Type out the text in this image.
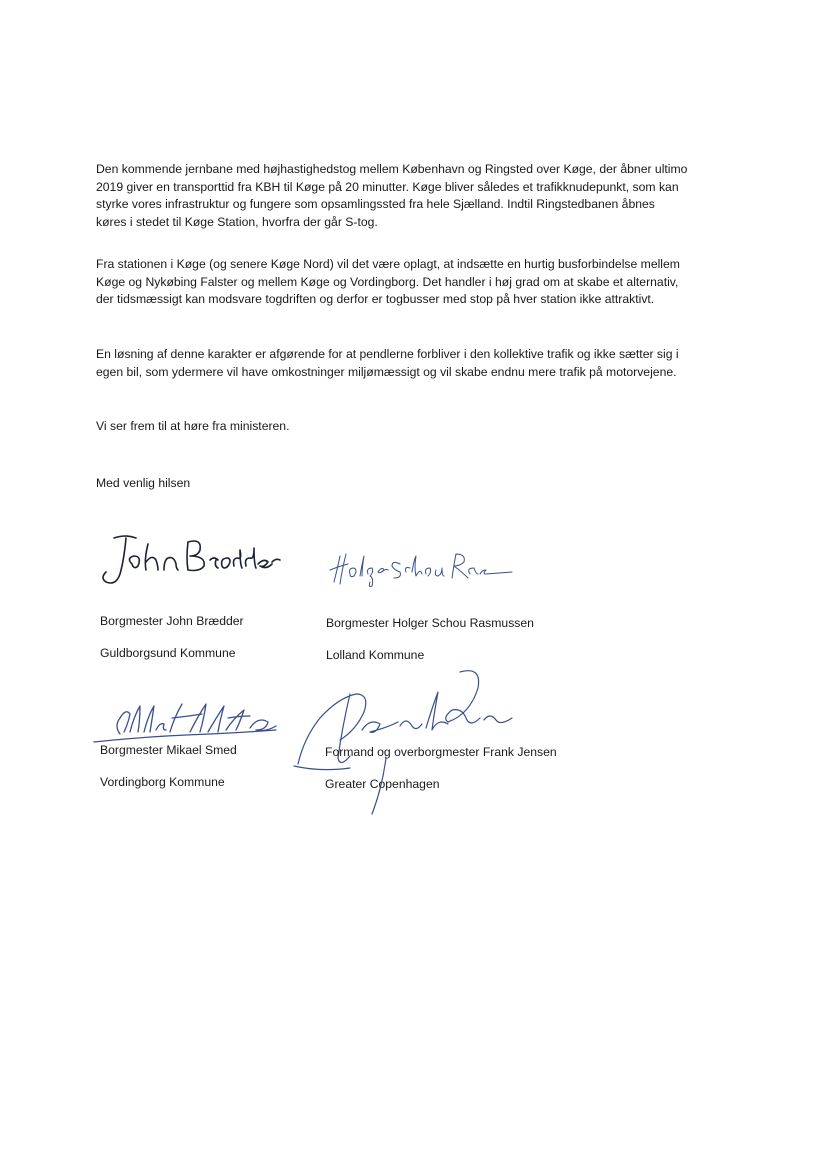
Den kommende jernbane med højhastighedstog mellem København og Ringsted over Køge, der åbner ultimo
2019 giver en transporttid fra KBH til Køge på 20 minutter. Køge bliver således et trafikknudepunkt, som kan
styrke vores infrastruktur og fungere som opsamlingssted fra hele Sjælland. Indtil Ringstedbanen åbnes
køres i stedet til Køge Station, hvorfra der går S-tog.

Fra stationen i Køge (og senere Køge Nord) vil det være oplagt, at indsætte en hurtig busforbindelse mellem
Køge og Nykøbing Falster og mellem Køge og Vordingborg. Det handler i høj grad om at skabe et alternativ,
der tidsmæssigt kan modsvare togdriften og derfor er togbusser med stop på hver station ikke attraktivt.

En løsning af denne karakter er afgørende for at pendlerne forbliver i den kollektive trafik og ikke sætter sig i
egen bil, som ydermere vil have omkostninger miljømæssigt og vil skabe endnu mere trafik på motorvejene.

Vi ser frem til at høre fra ministeren.

Med venlig hilsen

Borgmester John Brædder
Guldborgsund Kommune
Borgmester Holger Schou Rasmussen
Lolland Kommune
Borgmester Mikael Smed
Vordingborg Kommune
Formand og overborgmester Frank Jensen
Greater Copenhagen
